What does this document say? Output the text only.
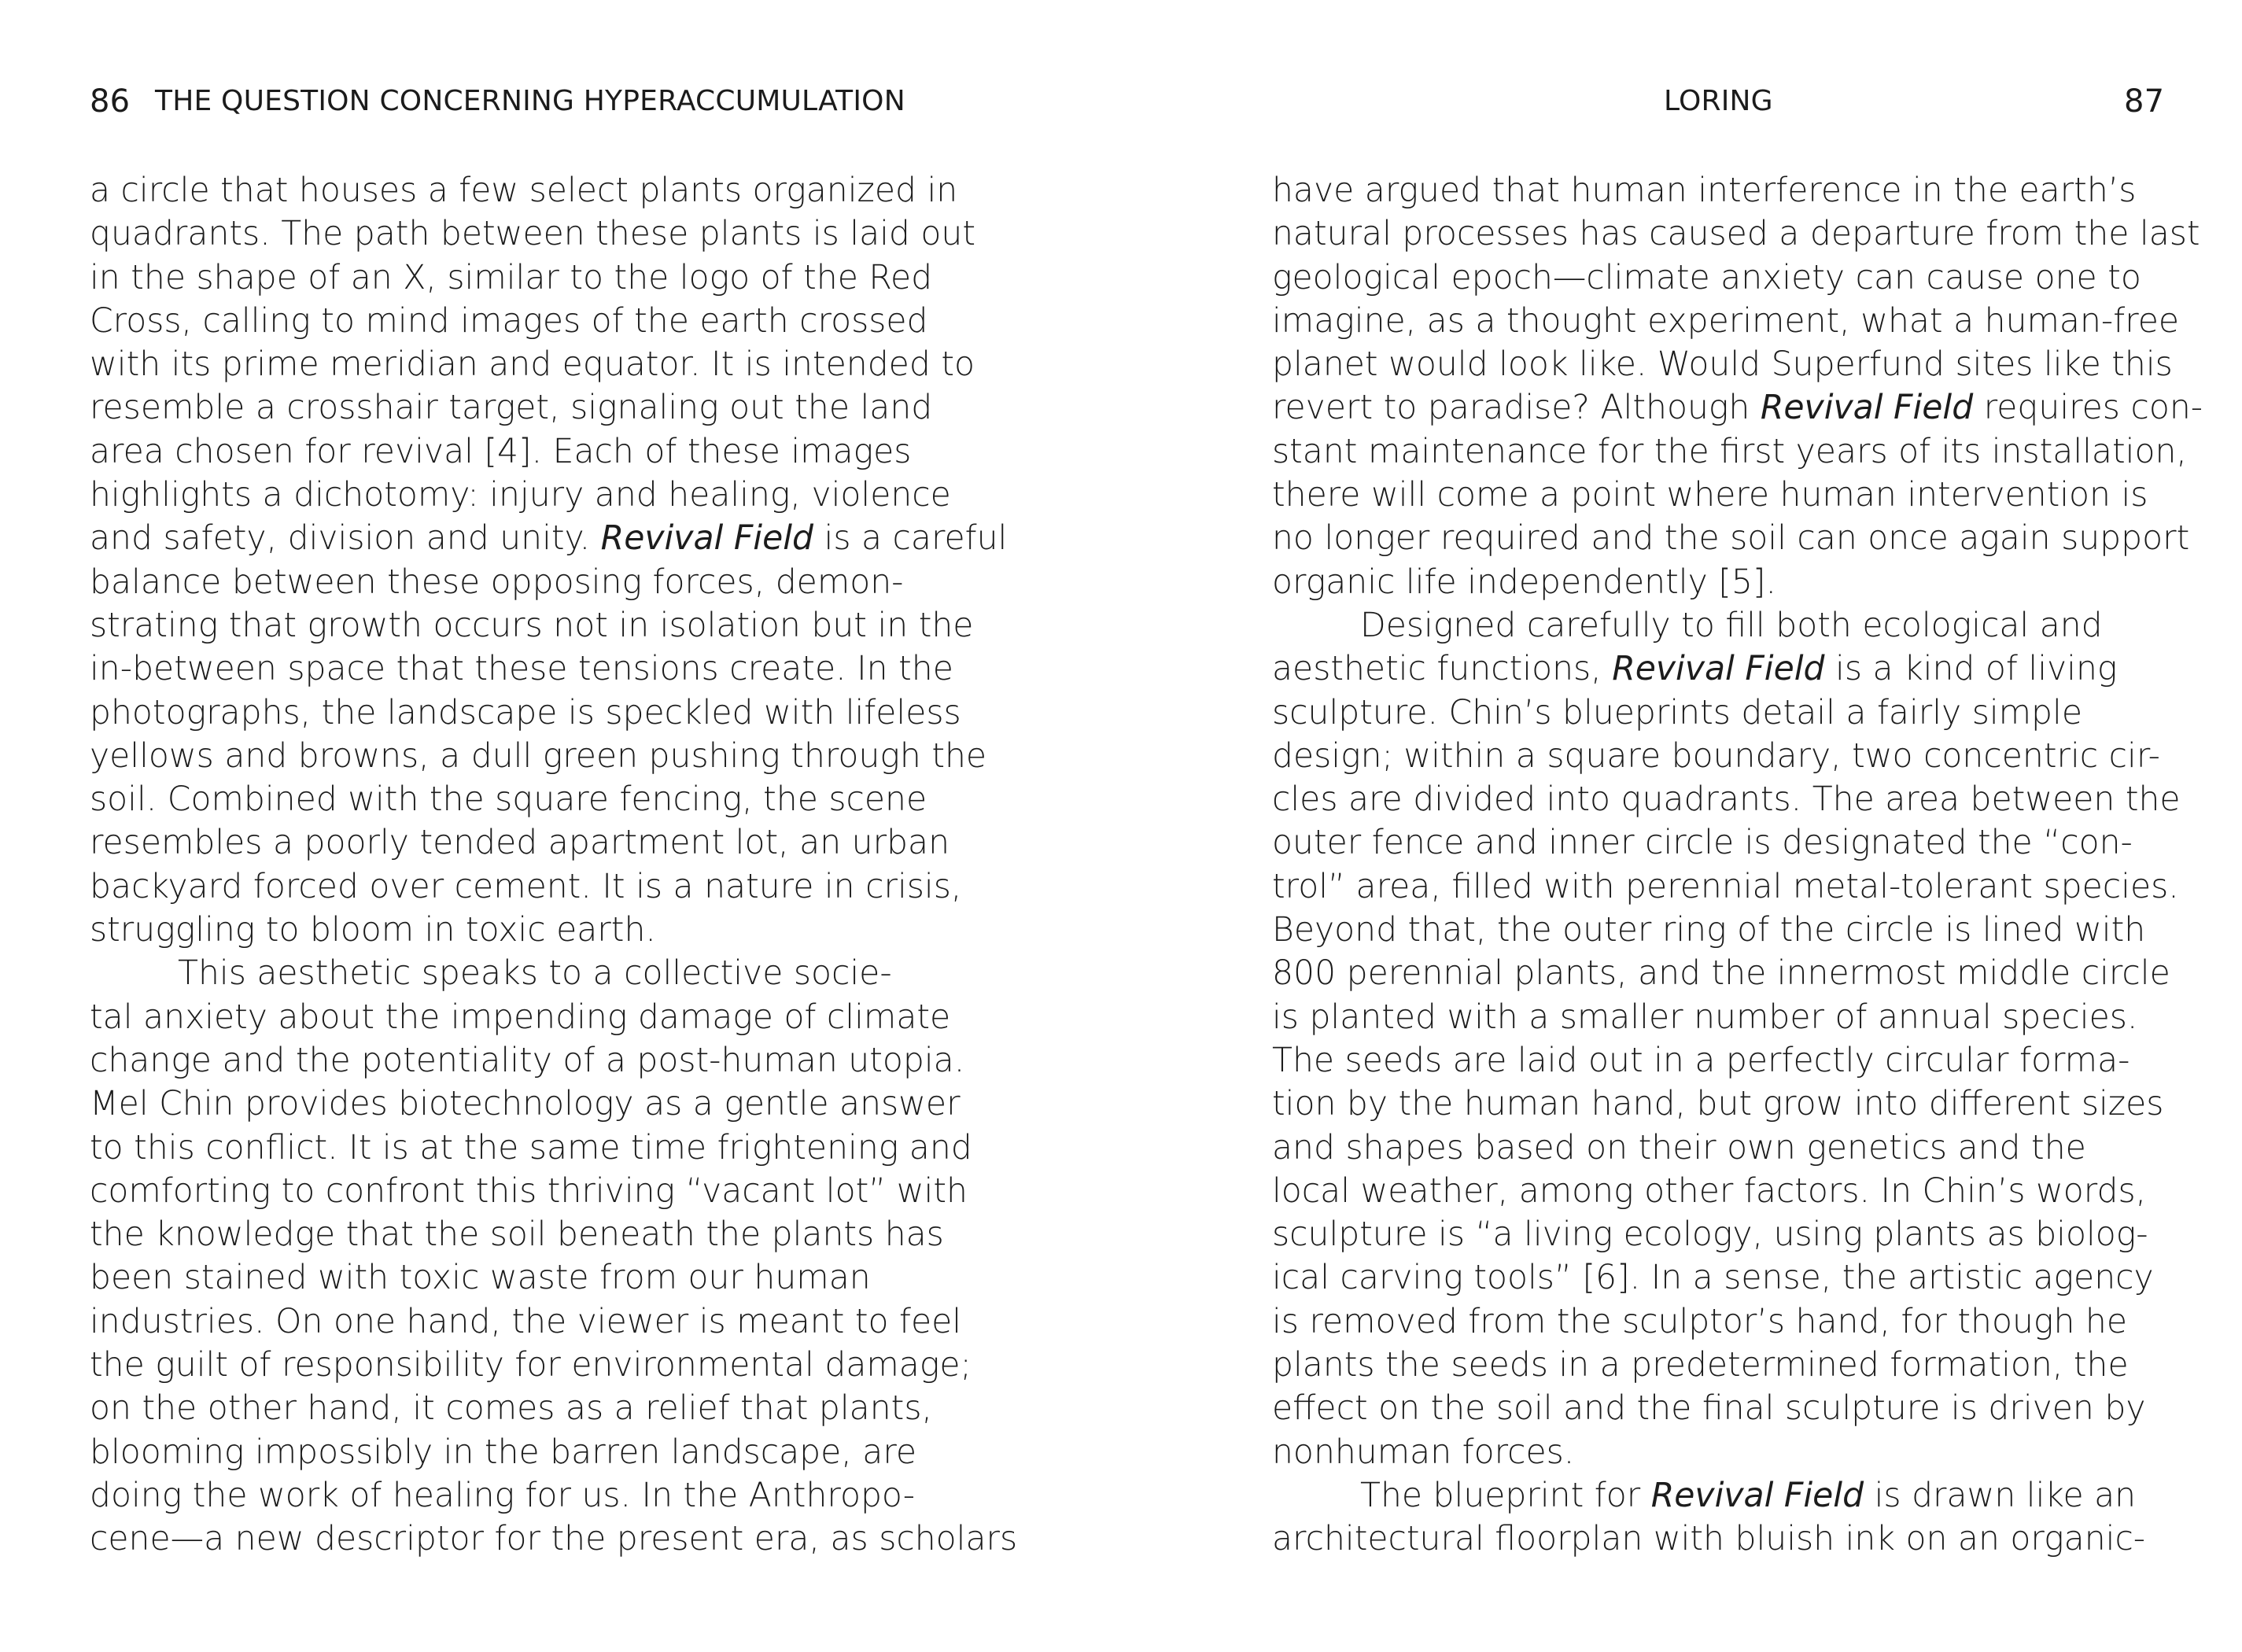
86 THE QUESTION CONCERNING HYPERACCUMULATION
a circle that houses a few select plants organized in
quadrants. The path between these plants is laid out
in the shape of an X, similar to the logo of the Red
Cross, calling to mind images of the earth crossed
with its prime meridian and equator. It is intended to
resemble a crosshair target, signaling out the land
area chosen for revival [4]. Each of these images
highlights a dichotomy: injury and healing, violence
and safety, division and unity. Revival Field is a careful
balance between these opposing forces, demon-
strating that growth occurs not in isolation but in the
in-between space that these tensions create. In the
photographs, the landscape is speckled with lifeless
yellows and browns, a dull green pushing through the
soil. Combined with the square fencing, the scene
resembles a poorly tended apartment lot, an urban
backyard forced over cement. It is a nature in crisis,
struggling to bloom in toxic earth.
This aesthetic speaks to a collective socie-
tal anxiety about the impending damage of climate
change and the potentiality of a post-human utopia.
Mel Chin provides biotechnology as a gentle answer
to this conflict. It is at the same time frightening and
comforting to confront this thriving “vacant lot” with
the knowledge that the soil beneath the plants has
been stained with toxic waste from our human
industries. On one hand, the viewer is meant to feel
the guilt of responsibility for environmental damage;
on the other hand, it comes as a relief that plants,
blooming impossibly in the barren landscape, are
doing the work of healing for us. In the Anthropo-
cene—a new descriptor for the present era, as scholars
LORING	87
have argued that human interference in the earth’s
natural processes has caused a departure from the last
geological epoch—climate anxiety can cause one to
imagine, as a thought experiment, what a human-free
planet would look like. Would Superfund sites like this
revert to paradise? Although Revival Field requires con-
stant maintenance for the first years of its installation,
there will come a point where human intervention is
no longer required and the soil can once again support
organic life independently [5].
Designed carefully to fill both ecological and
aesthetic functions, Revival Field is a kind of living
sculpture. Chin’s blueprints detail a fairly simple
design; within a square boundary, two concentric cir-
cles are divided into quadrants. The area between the
outer fence and inner circle is designated the “con-
trol” area, filled with perennial metal-tolerant species.
Beyond that, the outer ring of the circle is lined with
800 perennial plants, and the innermost middle circle
is planted with a smaller number of annual species.
The seeds are laid out in a perfectly circular forma-
tion by the human hand, but grow into different sizes
and shapes based on their own genetics and the
local weather, among other factors. In Chin’s words,
sculpture is “a living ecology, using plants as biolog-
ical carving tools” [6]. In a sense, the artistic agency
is removed from the sculptor’s hand, for though he
plants the seeds in a predetermined formation, the
effect on the soil and the final sculpture is driven by
nonhuman forces.
The blueprint for Revival Field is drawn like an
architectural floorplan with bluish ink on an organic-
